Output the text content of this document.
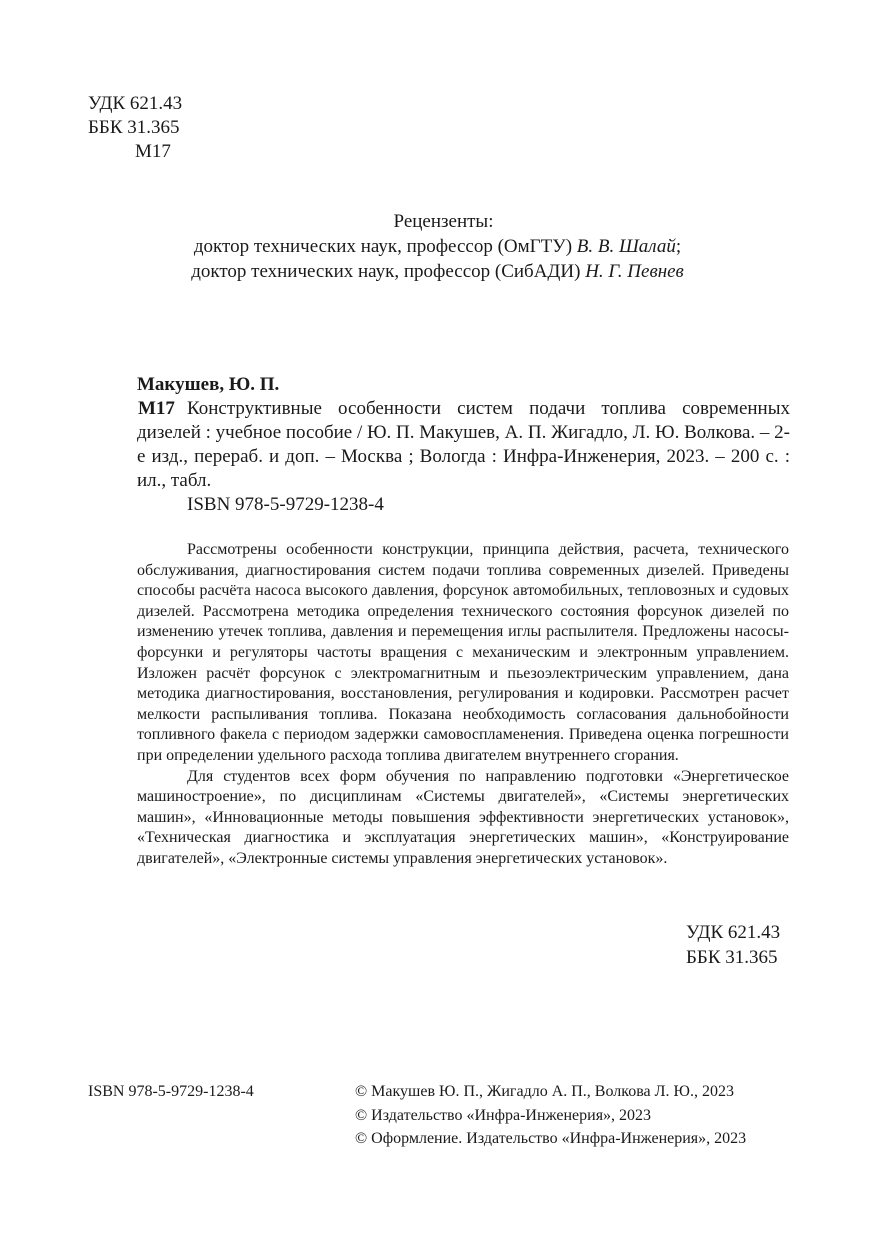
УДК 621.43
ББК 31.365
М17
Рецензенты:
доктор технических наук, профессор (ОмГТУ) В. В. Шалай;
доктор технических наук, профессор (СибАДИ) Н. Г. Певнев
Макушев, Ю. П.
М17 Конструктивные особенности систем подачи топлива современных дизелей : учебное пособие / Ю. П. Макушев, А. П. Жигадло, Л. Ю. Волкова. – 2-е изд., перераб. и доп. – Москва ; Вологда : Инфра-Инженерия, 2023. – 200 с. : ил., табл.
ISBN 978-5-9729-1238-4

Рассмотрены особенности конструкции, принципа действия, расчета, технического обслуживания, диагностирования систем подачи топлива современных дизелей. Приведены способы расчёта насоса высокого давления, форсунок автомобильных, тепловозных и судовых дизелей. Рассмотрена методика определения технического состояния форсунок дизелей по изменению утечек топлива, давления и перемещения иглы распылителя. Предложены насосы-форсунки и регуляторы частоты вращения с механическим и электронным управлением. Изложен расчёт форсунок с электромагнитным и пьезоэлектрическим управлением, дана методика диагностирования, восстановления, регулирования и кодировки. Рассмотрен расчет мелкости распыливания топлива. Показана необходимость согласования дальнобойности топливного факела с периодом задержки самовоспламенения. Приведена оценка погрешности при определении удельного расхода топлива двигателем внутреннего сгорания.

Для студентов всех форм обучения по направлению подготовки «Энергетическое машиностроение», по дисциплинам «Системы двигателей», «Системы энергетических машин», «Инновационные методы повышения эффективности энергетических установок», «Техническая диагностика и эксплуатация энергетических машин», «Конструирование двигателей», «Электронные системы управления энергетических установок».

УДК 621.43
ББК 31.365
ISBN 978-5-9729-1238-4	© Макушев Ю. П., Жигадло А. П., Волкова Л. Ю., 2023
© Издательство «Инфра-Инженерия», 2023
© Оформление. Издательство «Инфра-Инженерия», 2023
